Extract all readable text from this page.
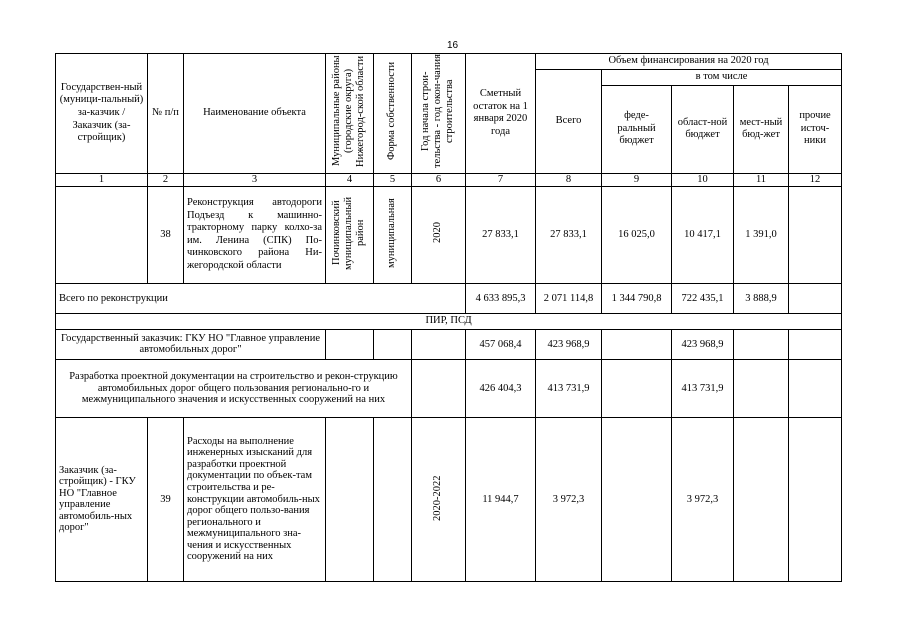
16
Государствен-ный (муници-пальный) за-казчик / Заказчик (за-стройщик)	№ п/п	Наименование объекта	Муниципальные районы (городские округа) Нижегород-ской области	Форма собственности	Год начала строи-тельства - год окон-чания строительства	Сметный остаток на 1 января 2020 года	Объем финансирования на 2020 год				
							Всего	в том числе			
								феде-ральный бюджет	област-ной бюджет	мест-ный бюд-жет	прочие источ-ники
1	2	3	4	5	6	7	8	9	10	11	12
	38	Реконструкция автодороги Подъезд к машинно-тракторному парку колхо-за им. Ленина (СПК) По-чинковского района Ни-жегородской области	Починковский муниципальный район	муниципальная	2020	27 833,1	27 833,1	16 025,0	10 417,1	1 391,0	
Всего по реконструкции						4 633 895,3	2 071 114,8	1 344 790,8	722 435,1	3 888,9	
ПИР, ПСД											
Государственный заказчик: ГКУ НО "Главное управление автомобильных дорог"						457 068,4	423 968,9		423 968,9		
Разработка проектной документации на строительство и рекон-струкцию автомобильных дорог общего пользования регионально-го и межмуниципального значения и искусственных сооружений на них						426 404,3	413 731,9		413 731,9		
Заказчик (за-стройщик) - ГКУ НО "Главное управление автомобиль-ных дорог"	39	Расходы на выполнение инженерных изысканий для разработки проектной документации по объек-там строительства и ре-конструкции автомобиль-ных дорог общего пользо-вания регионального и межмуниципального зна-чения и искусственных сооружений на них			2020-2022	11 944,7	3 972,3		3 972,3		
